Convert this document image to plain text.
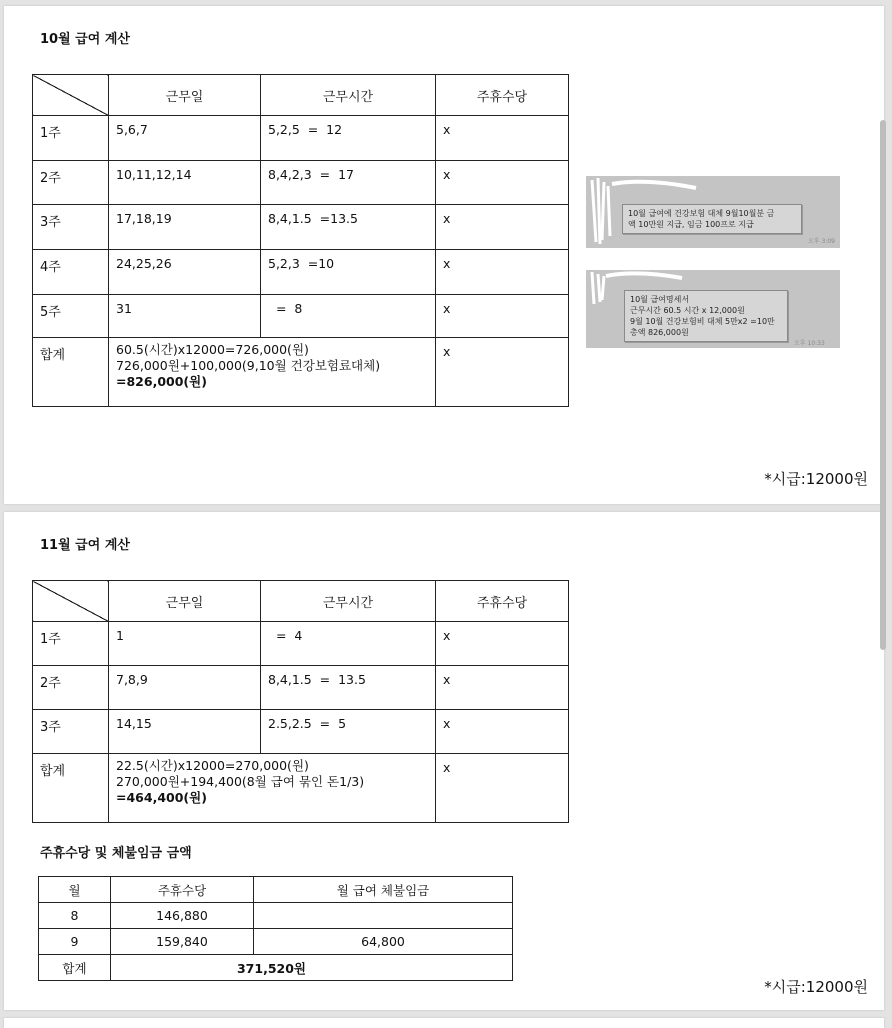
10월 급여 계산
	근무일	근무시간	주휴수당
1주	5,6,7	5,2,5  =  12	x
2주	10,11,12,14	8,4,2,3  =  17	x
3주	17,18,19	8,4,1.5  =13.5	x
4주	24,25,26	5,2,3  =10	x
5주	31	=  8	x
합계	60.5(시간)x12000=726,000(원)
726,000원+100,000(9,10월 건강보험료대체)
=826,000(원)		x
10월 급여에 건강보험 대체 9월10월분 금
액 10만원 지급, 임금 100프로 지급
오후 3:09
10월 급여명세서
근무시간 60.5 시간 x 12,000원
9월 10월 건강보험비 대체 5만x2 =10만
총액 826,000원
오후 10:33
*시급:12000원
11월 급여 계산
	근무일	근무시간	주휴수당
1주	1	=  4	x
2주	7,8,9	8,4,1.5  =  13.5	x
3주	14,15	2.5,2.5  =  5	x
합계	22.5(시간)x12000=270,000(원)
270,000원+194,400(8월 급여 묶인 돈1/3)
=464,400(원)		x
주휴수당 및 체불임금 금액
월	주휴수당	월 급여 체불임금
8	146,880	
9	159,840	64,800
합계	371,520원	
*시급:12000원
